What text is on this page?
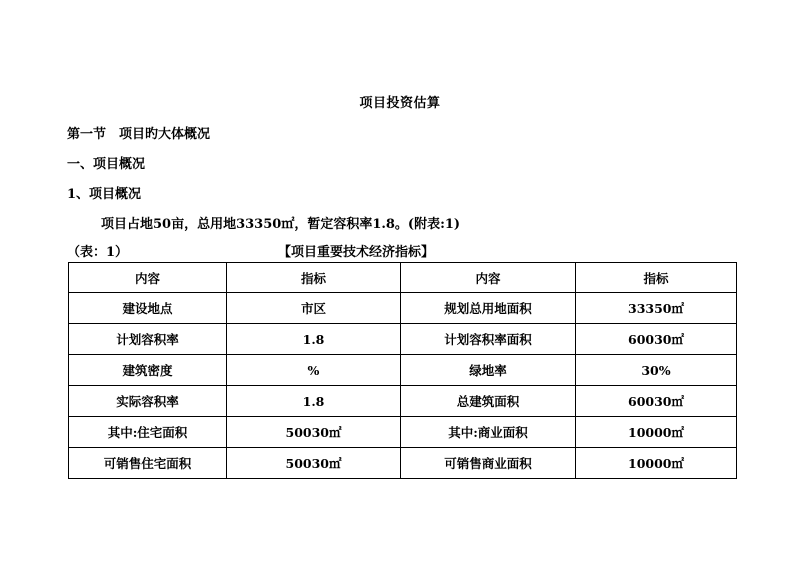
项目投资估算
第一节　项目旳大体概况
一、项目概况
1、项目概况
项目占地50亩，总用地33350㎡，暂定容积率1.8。(附表:1)
（表：1）	【项目重要技术经济指标】
内容	指标	内容	指标
建设地点	市区	规划总用地面积	33350㎡
计划容积率	1.8	计划容积率面积	60030㎡
建筑密度	%	绿地率	30%
实际容积率	1.8	总建筑面积	60030㎡
其中:住宅面积	50030㎡	其中:商业面积	10000㎡
可销售住宅面积	50030㎡	可销售商业面积	10000㎡
